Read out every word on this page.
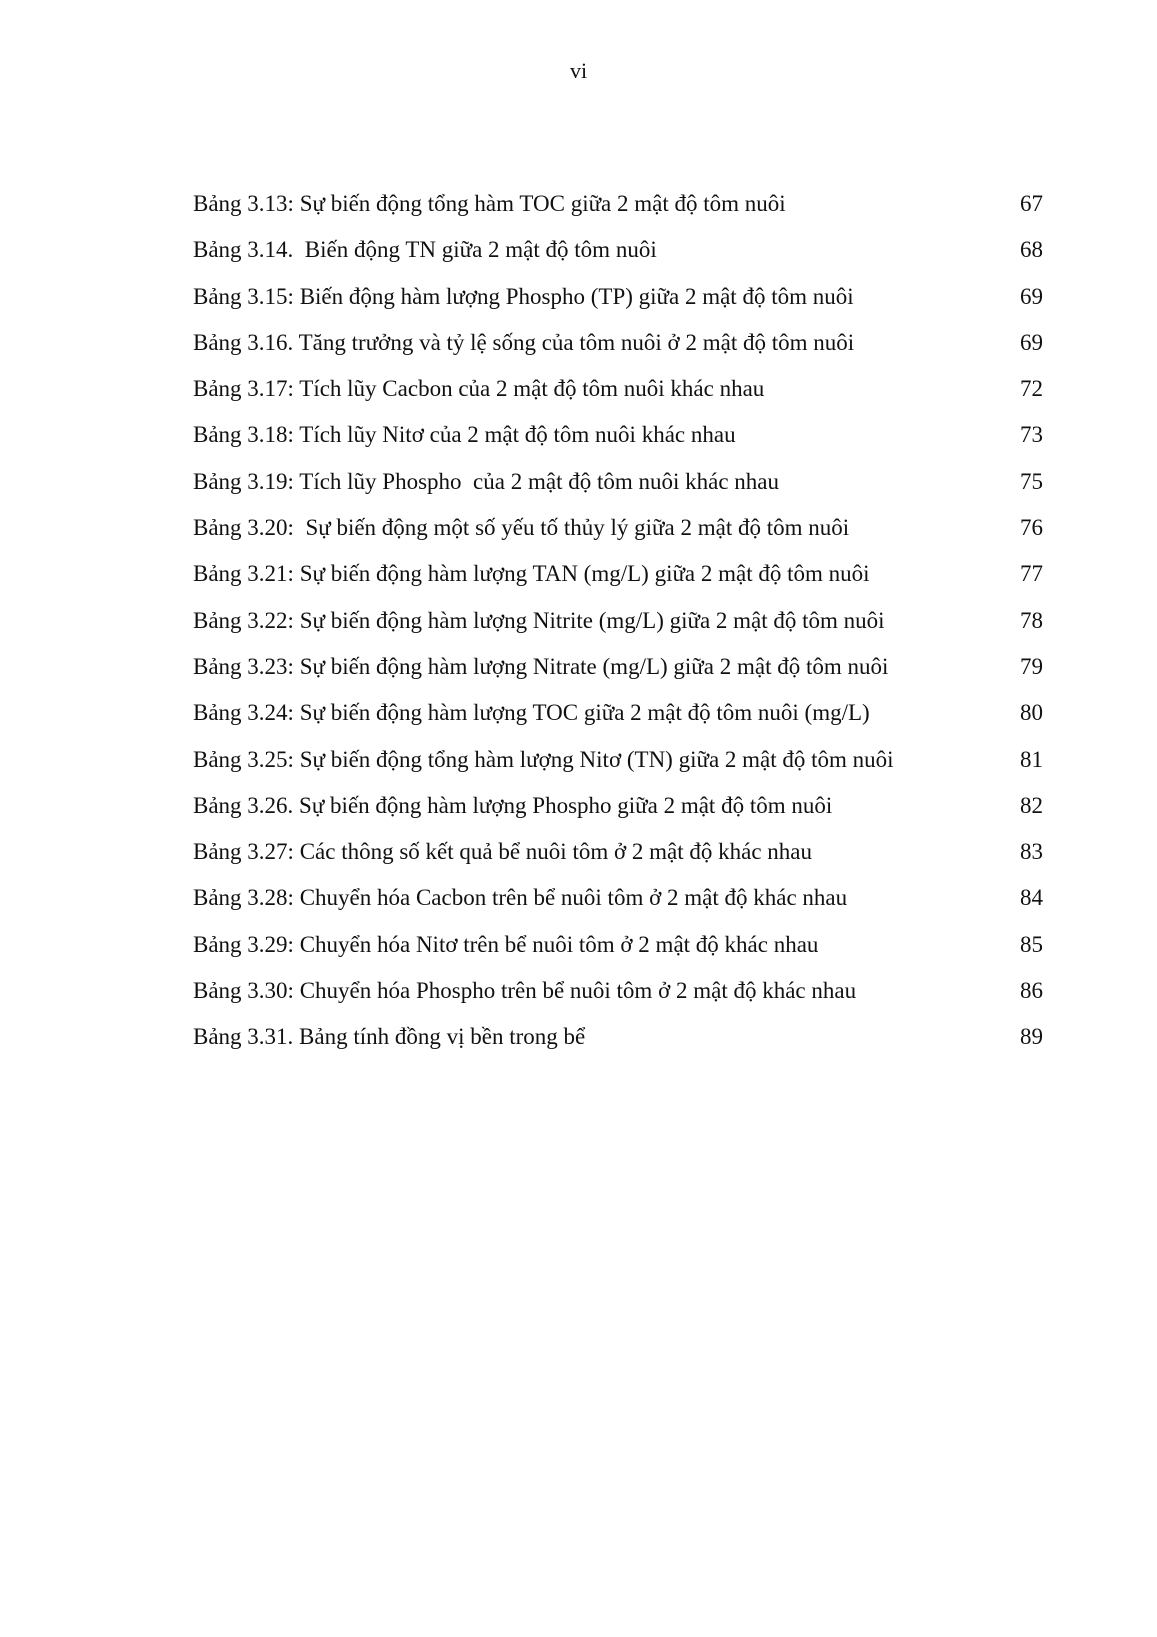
vi
Bảng 3.13: Sự biến động tổng hàm TOC giữa 2 mật độ tôm nuôi	67
Bảng 3.14.  Biến động TN giữa 2 mật độ tôm nuôi	68
Bảng 3.15: Biến động hàm lượng Phospho (TP) giữa 2 mật độ tôm nuôi	69
Bảng 3.16. Tăng trưởng và tỷ lệ sống của tôm nuôi ở 2 mật độ tôm nuôi	69
Bảng 3.17: Tích lũy Cacbon của 2 mật độ tôm nuôi khác nhau	72
Bảng 3.18: Tích lũy Nitơ của 2 mật độ tôm nuôi khác nhau	73
Bảng 3.19: Tích lũy Phospho  của 2 mật độ tôm nuôi khác nhau	75
Bảng 3.20:  Sự biến động một số yếu tố thủy lý giữa 2 mật độ tôm nuôi	76
Bảng 3.21: Sự biến động hàm lượng TAN (mg/L) giữa 2 mật độ tôm nuôi	77
Bảng 3.22: Sự biến động hàm lượng Nitrite (mg/L) giữa 2 mật độ tôm nuôi	78
Bảng 3.23: Sự biến động hàm lượng Nitrate (mg/L) giữa 2 mật độ tôm nuôi	79
Bảng 3.24: Sự biến động hàm lượng TOC giữa 2 mật độ tôm nuôi (mg/L)	80
Bảng 3.25: Sự biến động tổng hàm lượng Nitơ (TN) giữa 2 mật độ tôm nuôi	81
Bảng 3.26. Sự biến động hàm lượng Phospho giữa 2 mật độ tôm nuôi	82
Bảng 3.27: Các thông số kết quả bể nuôi tôm ở 2 mật độ khác nhau	83
Bảng 3.28: Chuyển hóa Cacbon trên bể nuôi tôm ở 2 mật độ khác nhau	84
Bảng 3.29: Chuyển hóa Nitơ trên bể nuôi tôm ở 2 mật độ khác nhau	85
Bảng 3.30: Chuyển hóa Phospho trên bể nuôi tôm ở 2 mật độ khác nhau	86
Bảng 3.31. Bảng tính đồng vị bền trong bể	89
